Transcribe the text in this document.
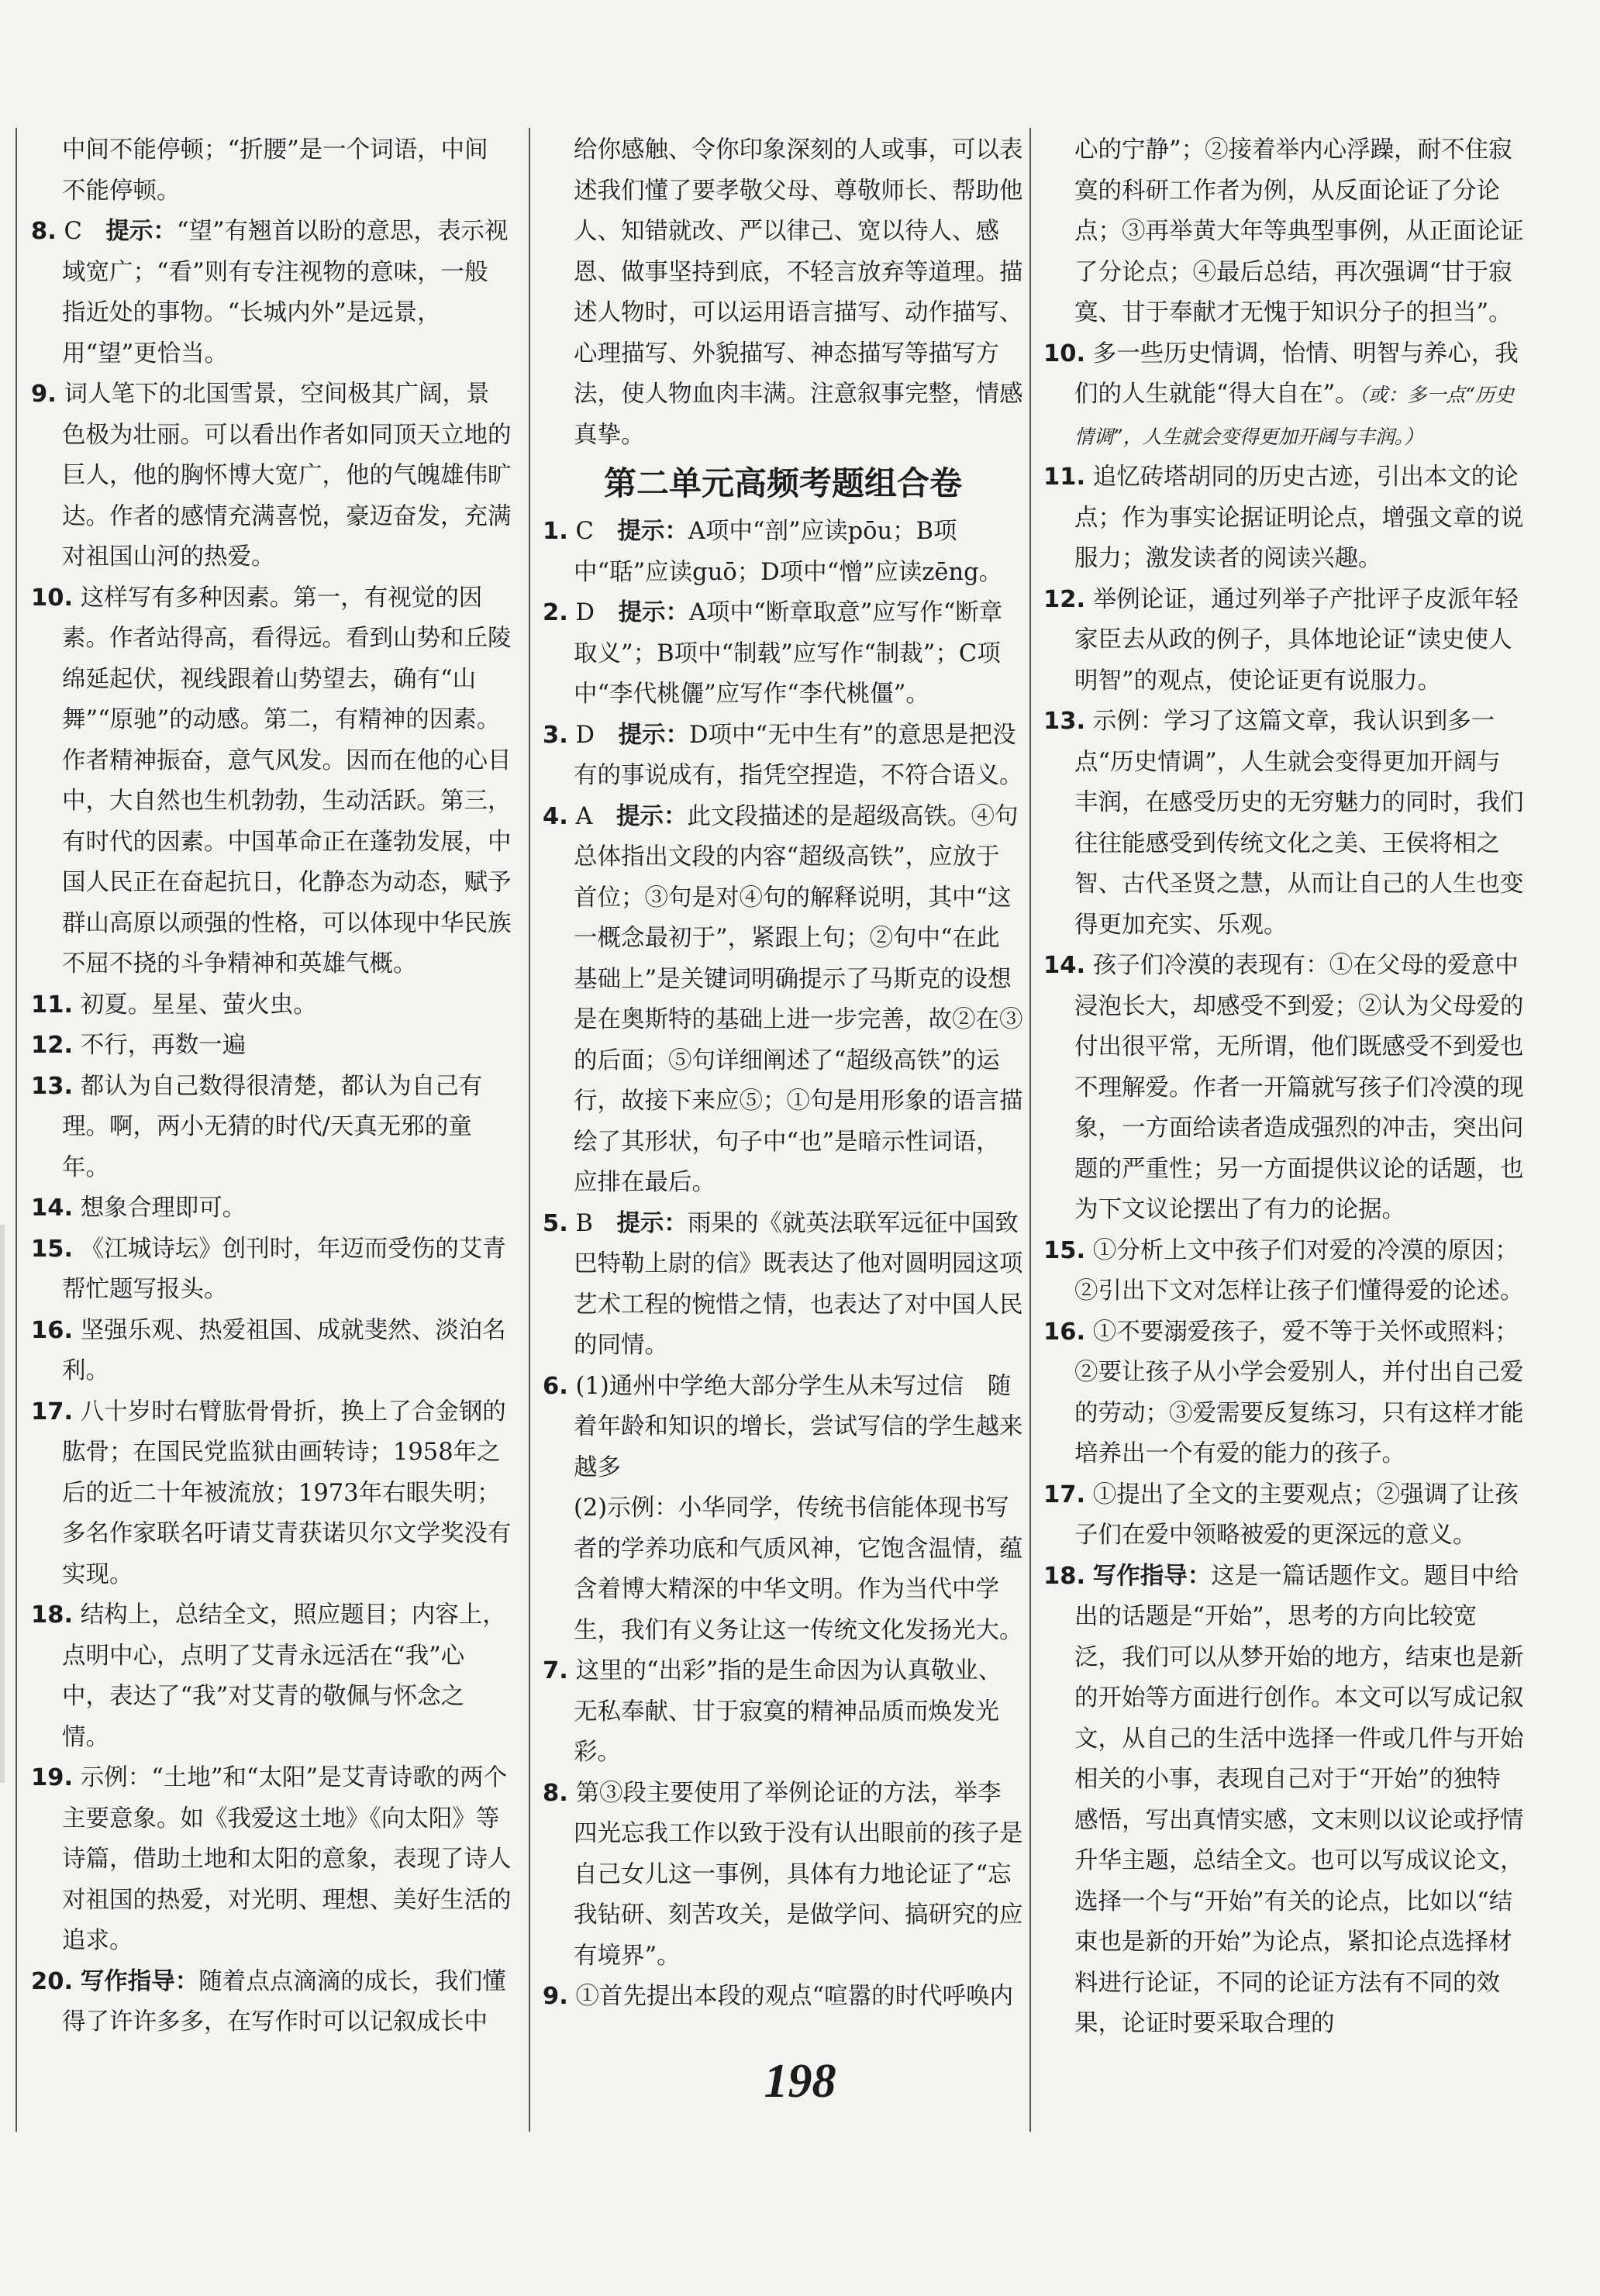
中间不能停顿；“折腰”是一个词语，中间不能停顿。
8. C　提示：“望”有翘首以盼的意思，表示视域宽广；“看”则有专注视物的意味，一般指近处的事物。“长城内外”是远景，用“望”更恰当。
9. 词人笔下的北国雪景，空间极其广阔，景色极为壮丽。可以看出作者如同顶天立地的巨人，他的胸怀博大宽广，他的气魄雄伟旷达。作者的感情充满喜悦，豪迈奋发，充满对祖国山河的热爱。
10. 这样写有多种因素。第一，有视觉的因素。作者站得高，看得远。看到山势和丘陵绵延起伏，视线跟着山势望去，确有“山舞”“原驰”的动感。第二，有精神的因素。作者精神振奋，意气风发。因而在他的心目中，大自然也生机勃勃，生动活跃。第三，有时代的因素。中国革命正在蓬勃发展，中国人民正在奋起抗日，化静态为动态，赋予群山高原以顽强的性格，可以体现中华民族不屈不挠的斗争精神和英雄气概。
11. 初夏。星星、萤火虫。
12. 不行，再数一遍
13. 都认为自己数得很清楚，都认为自己有理。啊，两小无猜的时代/天真无邪的童年。
14. 想象合理即可。
15. 《江城诗坛》创刊时，年迈而受伤的艾青帮忙题写报头。
16. 坚强乐观、热爱祖国、成就斐然、淡泊名利。
17. 八十岁时右臂肱骨骨折，换上了合金钢的肱骨；在国民党监狱由画转诗；1958年之后的近二十年被流放；1973年右眼失明；多名作家联名吁请艾青获诺贝尔文学奖没有实现。
18. 结构上，总结全文，照应题目；内容上，点明中心，点明了艾青永远活在“我”心中，表达了“我”对艾青的敬佩与怀念之情。
19. 示例：“土地”和“太阳”是艾青诗歌的两个主要意象。如《我爱这土地》《向太阳》等诗篇，借助土地和太阳的意象，表现了诗人对祖国的热爱，对光明、理想、美好生活的追求。
20. 写作指导：随着点点滴滴的成长，我们懂得了许许多多，在写作时可以记叙成长中
给你感触、令你印象深刻的人或事，可以表述我们懂了要孝敬父母、尊敬师长、帮助他人、知错就改、严以律己、宽以待人、感恩、做事坚持到底，不轻言放弃等道理。描述人物时，可以运用语言描写、动作描写、心理描写、外貌描写、神态描写等描写方法，使人物血肉丰满。注意叙事完整，情感真挚。
第二单元高频考题组合卷
1. C　提示：A项中“剖”应读pōu；B项中“聒”应读guō；D项中“憎”应读zēng。
2. D　提示：A项中“断章取意”应写作“断章取义”；B项中“制载”应写作“制裁”；C项中“李代桃儷”应写作“李代桃僵”。
3. D　提示：D项中“无中生有”的意思是把没有的事说成有，指凭空捏造，不符合语义。
4. A　提示：此文段描述的是超级高铁。④句总体指出文段的内容“超级高铁”，应放于首位；③句是对④句的解释说明，其中“这一概念最初于”，紧跟上句；②句中“在此基础上”是关键词明确提示了马斯克的设想是在奥斯特的基础上进一步完善，故②在③的后面；⑤句详细阐述了“超级高铁”的运行，故接下来应⑤；①句是用形象的语言描绘了其形状，句子中“也”是暗示性词语，应排在最后。
5. B　提示：雨果的《就英法联军远征中国致巴特勒上尉的信》既表达了他对圆明园这项艺术工程的惋惜之情，也表达了对中国人民的同情。
6. (1)通州中学绝大部分学生从未写过信　随着年龄和知识的增长，尝试写信的学生越来越多
(2)示例：小华同学，传统书信能体现书写者的学养功底和气质风神，它饱含温情，蕴含着博大精深的中华文明。作为当代中学生，我们有义务让这一传统文化发扬光大。
7. 这里的“出彩”指的是生命因为认真敬业、无私奉献、甘于寂寞的精神品质而焕发光彩。
8. 第③段主要使用了举例论证的方法，举李四光忘我工作以致于没有认出眼前的孩子是自己女儿这一事例，具体有力地论证了“忘我钻研、刻苦攻关，是做学问、搞研究的应有境界”。
9. ①首先提出本段的观点“喧嚣的时代呼唤内
心的宁静”；②接着举内心浮躁，耐不住寂寞的科研工作者为例，从反面论证了分论点；③再举黄大年等典型事例，从正面论证了分论点；④最后总结，再次强调“甘于寂寞、甘于奉献才无愧于知识分子的担当”。
10. 多一些历史情调，怡情、明智与养心，我们的人生就能“得大自在”。（或：多一点“历史情调”，人生就会变得更加开阔与丰润。）
11. 追忆砖塔胡同的历史古迹，引出本文的论点；作为事实论据证明论点，增强文章的说服力；激发读者的阅读兴趣。
12. 举例论证，通过列举子产批评子皮派年轻家臣去从政的例子，具体地论证“读史使人明智”的观点，使论证更有说服力。
13. 示例：学习了这篇文章，我认识到多一点“历史情调”，人生就会变得更加开阔与丰润，在感受历史的无穷魅力的同时，我们往往能感受到传统文化之美、王侯将相之智、古代圣贤之慧，从而让自己的人生也变得更加充实、乐观。
14. 孩子们冷漠的表现有：①在父母的爱意中浸泡长大，却感受不到爱；②认为父母爱的付出很平常，无所谓，他们既感受不到爱也不理解爱。作者一开篇就写孩子们冷漠的现象，一方面给读者造成强烈的冲击，突出问题的严重性；另一方面提供议论的话题，也为下文议论摆出了有力的论据。
15. ①分析上文中孩子们对爱的冷漠的原因；②引出下文对怎样让孩子们懂得爱的论述。
16. ①不要溺爱孩子，爱不等于关怀或照料；②要让孩子从小学会爱别人，并付出自己爱的劳动；③爱需要反复练习，只有这样才能培养出一个有爱的能力的孩子。
17. ①提出了全文的主要观点；②强调了让孩子们在爱中领略被爱的更深远的意义。
18. 写作指导：这是一篇话题作文。题目中给出的话题是“开始”，思考的方向比较宽泛，我们可以从梦开始的地方，结束也是新的开始等方面进行创作。本文可以写成记叙文，从自己的生活中选择一件或几件与开始相关的小事，表现自己对于“开始”的独特感悟，写出真情实感，文末则以议论或抒情升华主题，总结全文。也可以写成议论文，选择一个与“开始”有关的论点，比如以“结束也是新的开始”为论点，紧扣论点选择材料进行论证，不同的论证方法有不同的效果，论证时要采取合理的
198
